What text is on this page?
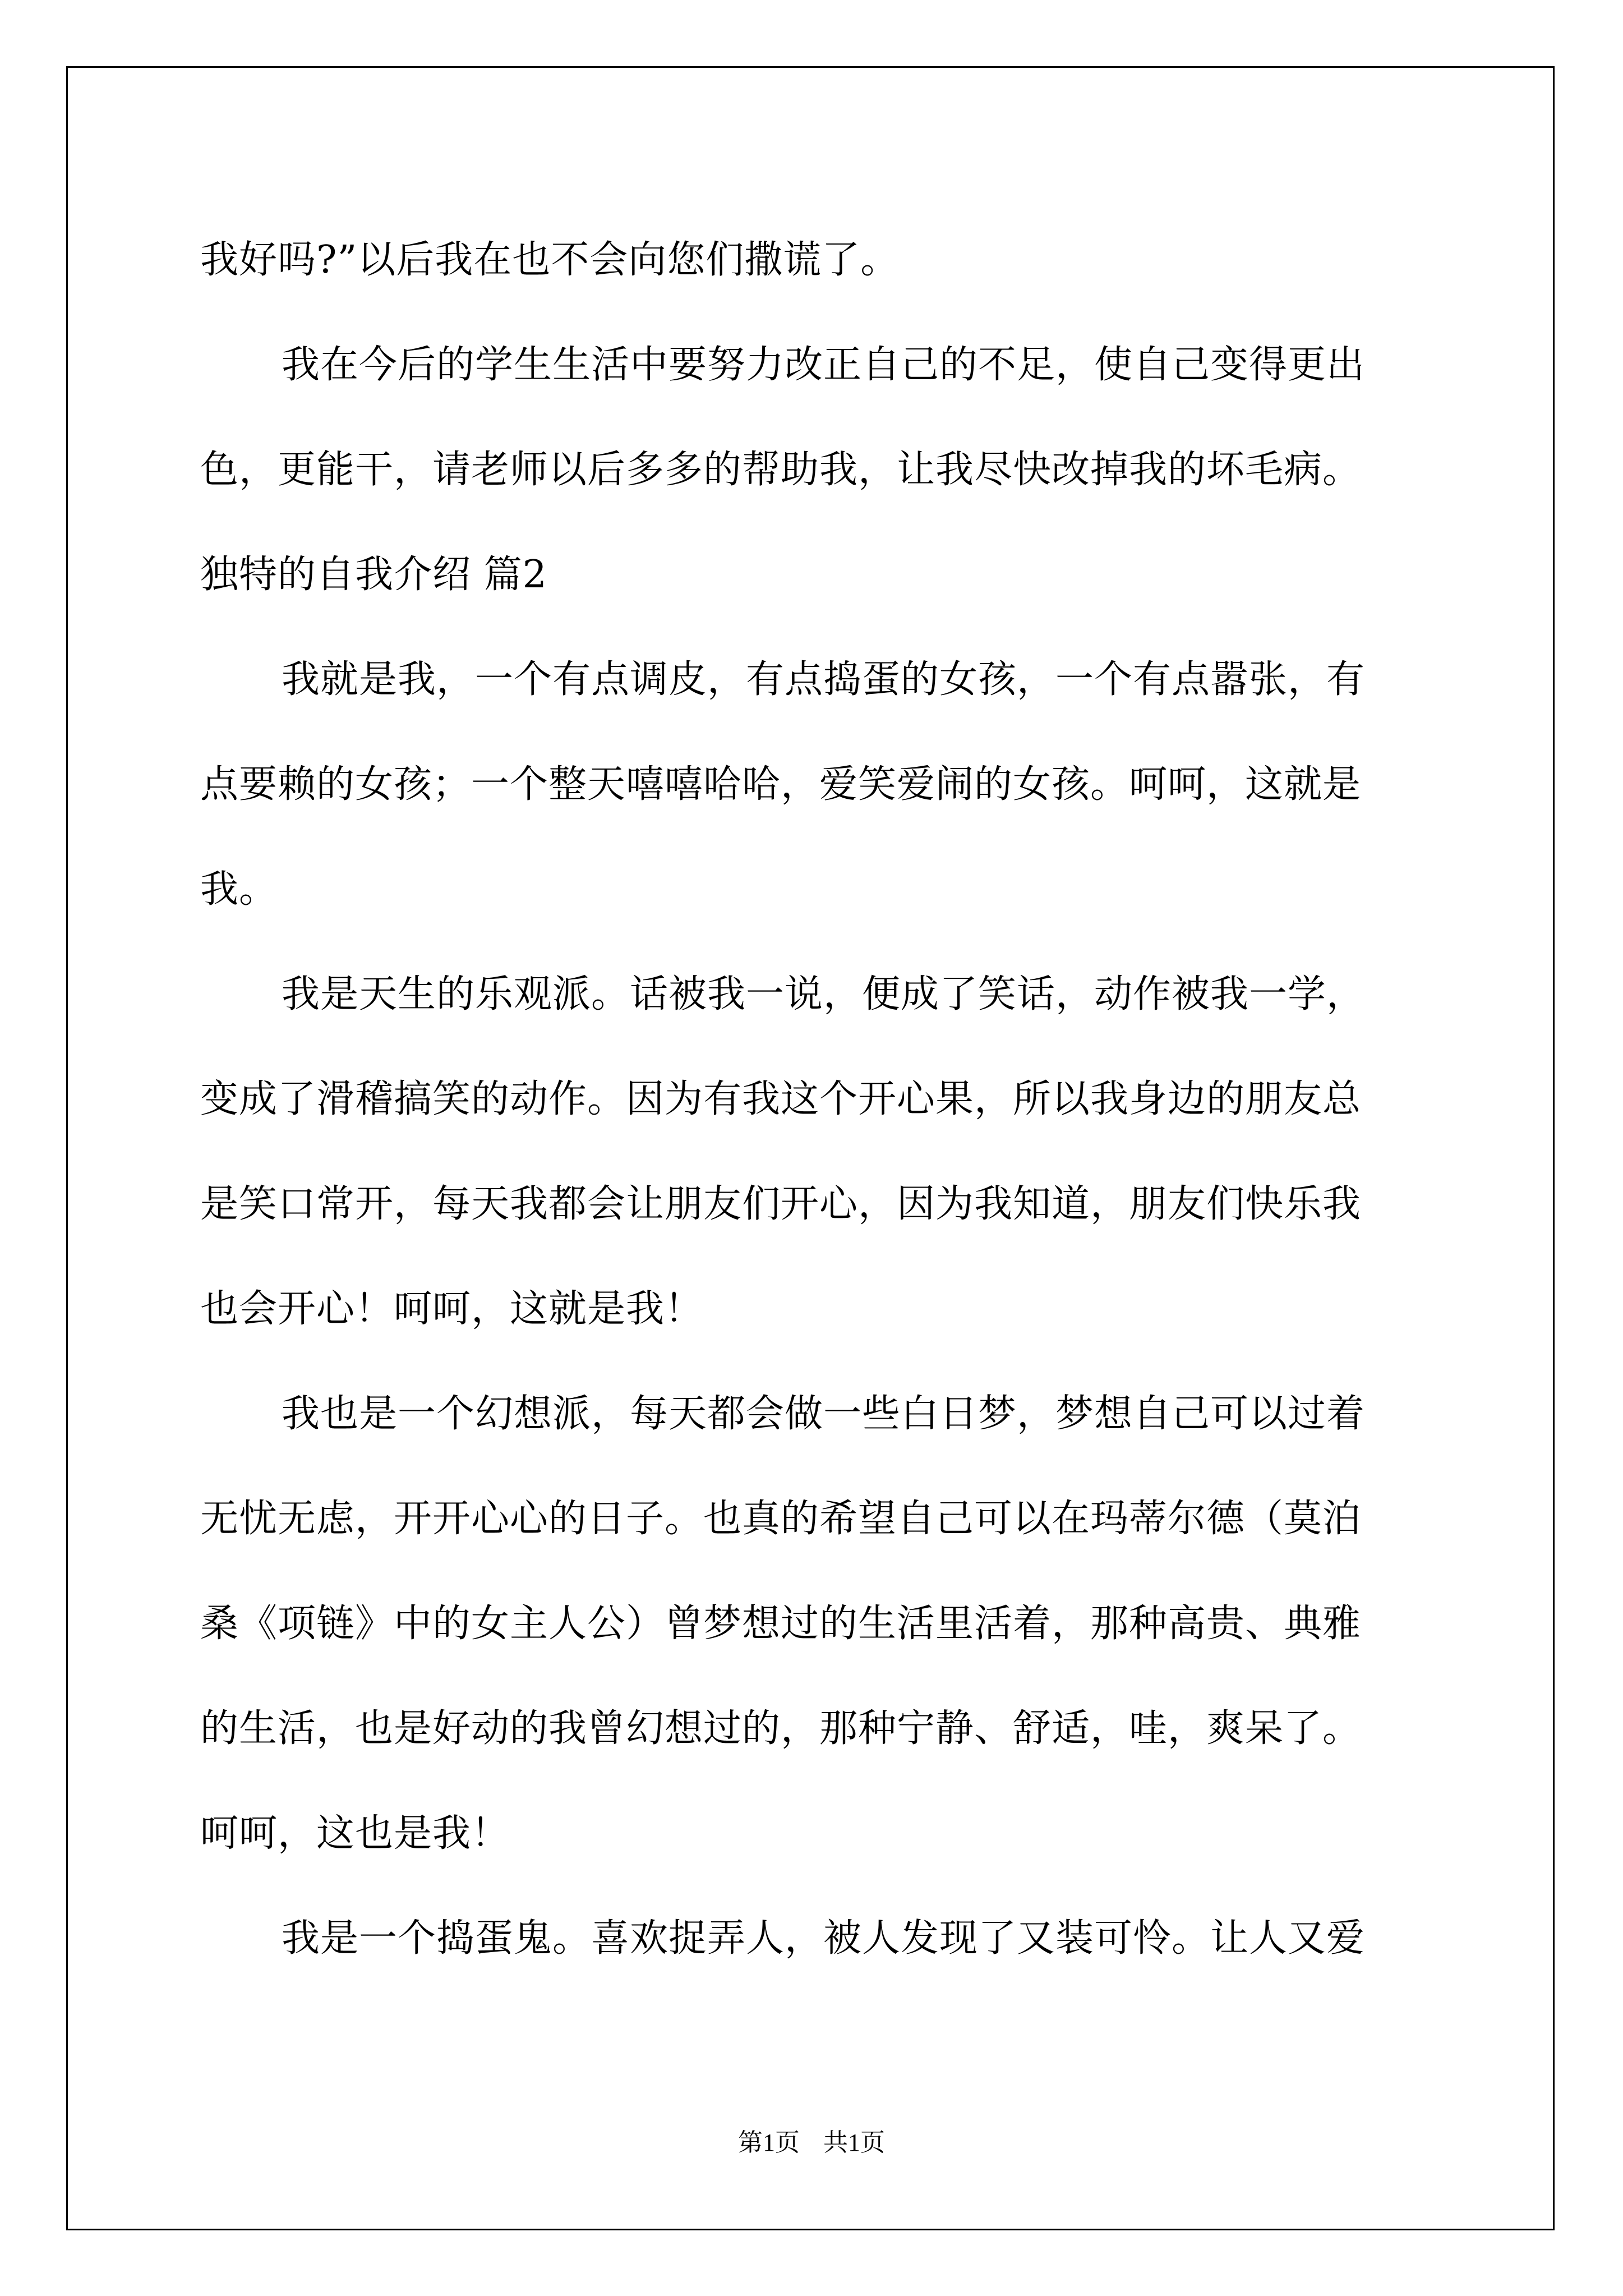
我好吗?”以后我在也不会向您们撒谎了。
我在今后的学生生活中要努力改正自己的不足，使自己变得更出
色，更能干，请老师以后多多的帮助我，让我尽快改掉我的坏毛病。
独特的自我介绍 篇2
我就是我，一个有点调皮，有点捣蛋的女孩，一个有点嚣张，有
点要赖的女孩；一个整天嘻嘻哈哈，爱笑爱闹的女孩。呵呵，这就是
我。
我是天生的乐观派。话被我一说，便成了笑话，动作被我一学，
变成了滑稽搞笑的动作。因为有我这个开心果，所以我身边的朋友总
是笑口常开，每天我都会让朋友们开心，因为我知道，朋友们快乐我
也会开心！呵呵，这就是我！
我也是一个幻想派，每天都会做一些白日梦，梦想自己可以过着
无忧无虑，开开心心的日子。也真的希望自己可以在玛蒂尔德（莫泊
桑《项链》中的女主人公）曾梦想过的生活里活着，那种高贵、典雅
的生活，也是好动的我曾幻想过的，那种宁静、舒适，哇，爽呆了。
呵呵，这也是我！
我是一个捣蛋鬼。喜欢捉弄人，被人发现了又装可怜。让人又爱
第1页 共1页
